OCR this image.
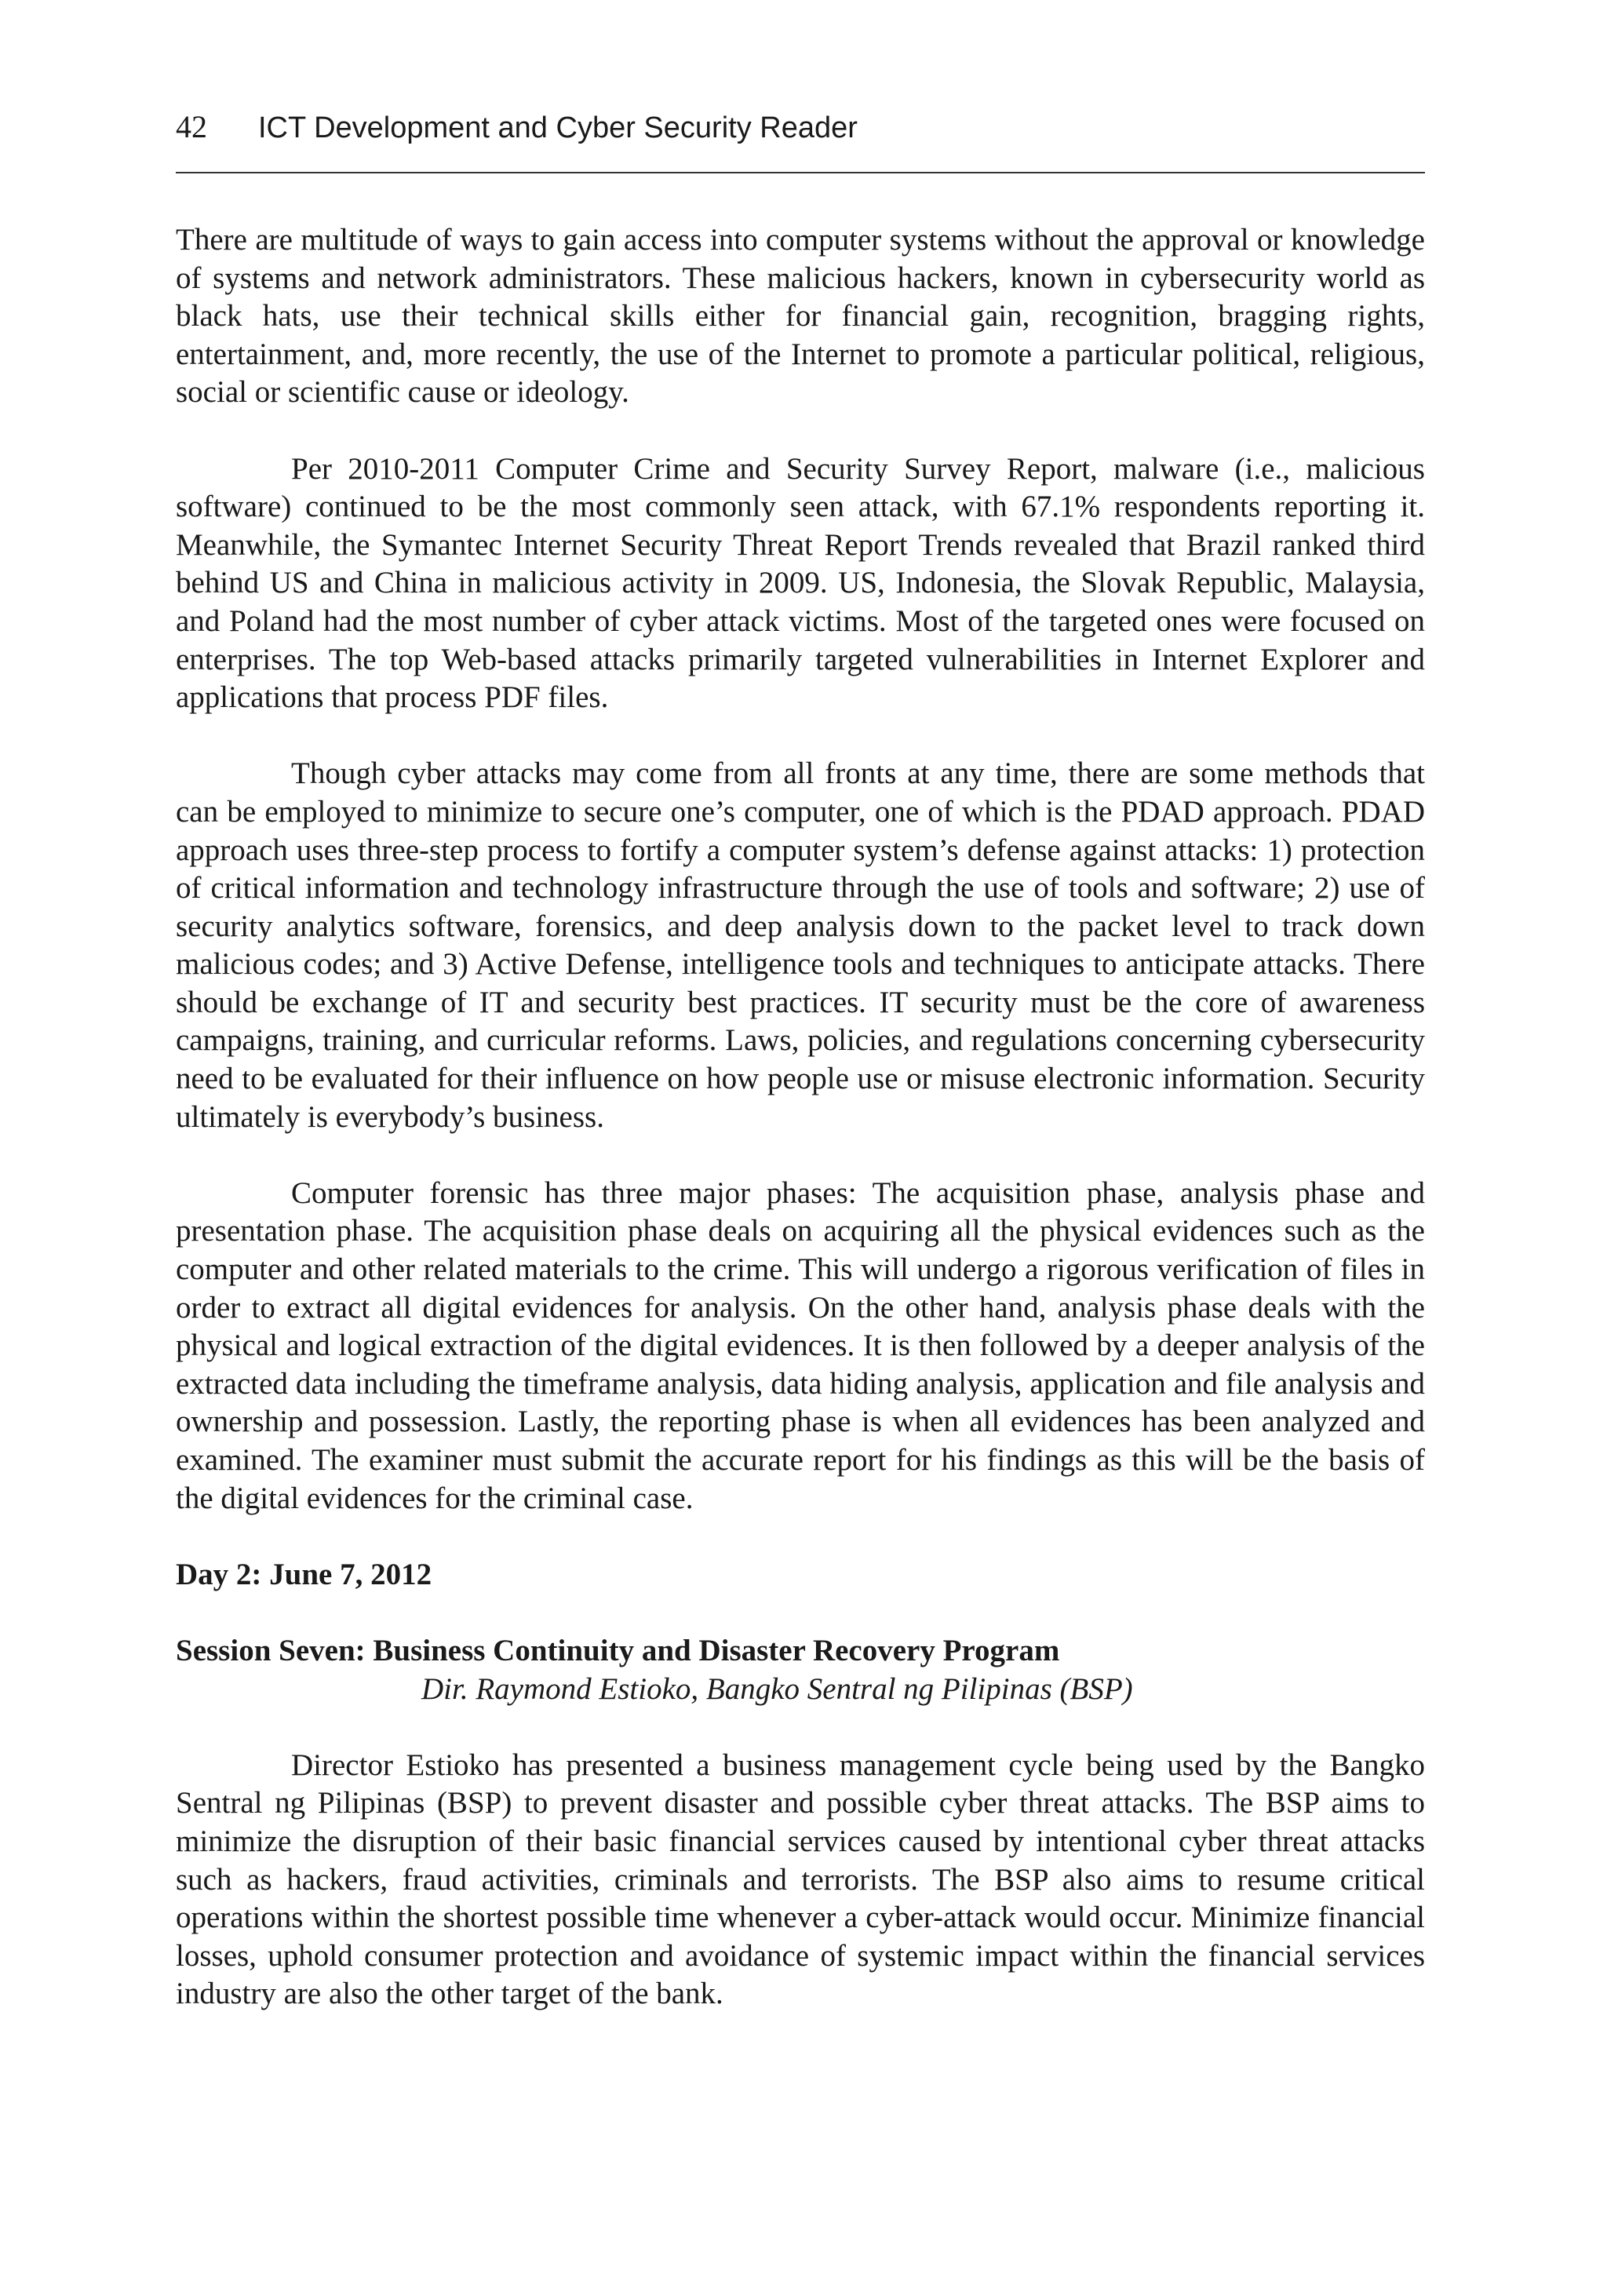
42	ICT Development and Cyber Security Reader

There are multitude of ways to gain access into computer systems without the approval or knowledge of systems and network administrators. These malicious hackers, known in cybersecurity world as black hats, use their technical skills either for financial gain, recognition, bragging rights, entertainment, and, more recently, the use of the Internet to promote a particular political, religious, social or scientific cause or ideology.

Per 2010-2011 Computer Crime and Security Survey Report, malware (i.e., malicious software) continued to be the most commonly seen attack, with 67.1% respondents reporting it. Meanwhile, the Symantec Internet Security Threat Report Trends revealed that Brazil ranked third behind US and China in malicious activity in 2009. US, Indonesia, the Slovak Republic, Malaysia, and Poland had the most number of cyber attack victims. Most of the targeted ones were focused on enterprises. The top Web-based attacks primarily targeted vulnerabilities in Internet Explorer and applications that process PDF files.

Though cyber attacks may come from all fronts at any time, there are some methods that can be employed to minimize to secure one’s computer, one of which is the PDAD approach. PDAD approach uses three-step process to fortify a computer system’s defense against attacks: 1) protection of critical information and technology infrastructure through the use of tools and software; 2) use of security analytics software, forensics, and deep analysis down to the packet level to track down malicious codes; and 3) Active Defense, intelligence tools and techniques to anticipate attacks. There should be exchange of IT and security best practices. IT security must be the core of awareness campaigns, training, and curricular reforms. Laws, policies, and regulations concerning cybersecurity need to be evaluated for their influence on how people use or misuse electronic information. Security ultimately is everybody’s business.

Computer forensic has three major phases: The acquisition phase, analysis phase and presentation phase. The acquisition phase deals on acquiring all the physical evidences such as the computer and other related materials to the crime. This will undergo a rigorous verification of files in order to extract all digital evidences for analysis. On the other hand, analysis phase deals with the physical and logical extraction of the digital evidences. It is then followed by a deeper analysis of the extracted data including the timeframe analysis, data hiding analysis, application and file analysis and ownership and possession. Lastly, the reporting phase is when all evidences has been analyzed and examined. The examiner must submit the accurate report for his findings as this will be the basis of the digital evidences for the criminal case.

Day 2: June 7, 2012
Session Seven: Business Continuity and Disaster Recovery Program
Dir. Raymond Estioko, Bangko Sentral ng Pilipinas (BSP)

Director Estioko has presented a business management cycle being used by the Bangko Sentral ng Pilipinas (BSP) to prevent disaster and possible cyber threat attacks. The BSP aims to minimize the disruption of their basic financial services caused by intentional cyber threat attacks such as hackers, fraud activities, criminals and terrorists. The BSP also aims to resume critical operations within the shortest possible time whenever a cyber-attack would occur. Minimize financial losses, uphold consumer protection and avoidance of systemic impact within the financial services industry are also the other target of the bank.
